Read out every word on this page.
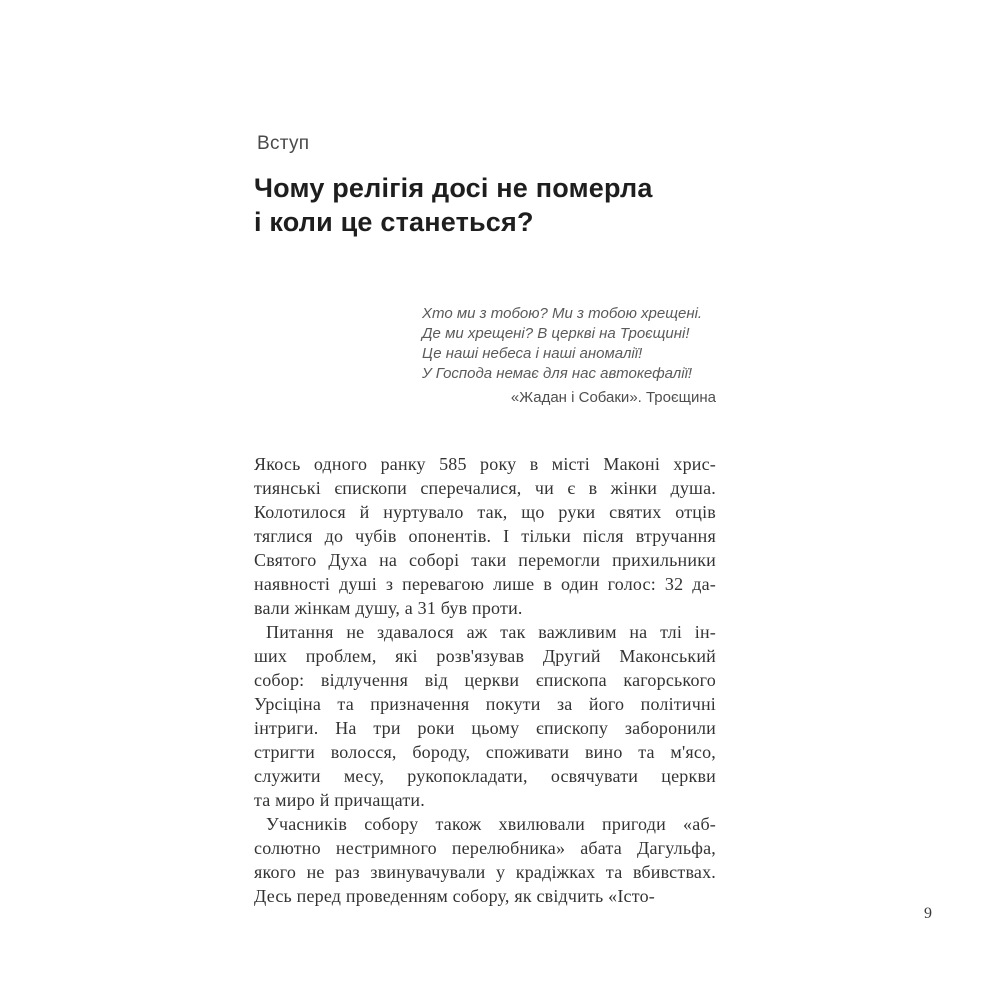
Вступ
Чому релігія досі не померла
і коли це станеться?
Хто ми з тобою? Ми з тобою хрещені.
Де ми хрещені? В церкві на Троєщині!
Це наші небеса і наші аномалії!
У Господа немає для нас автокефалії!
«Жадан і Собаки». Троєщина
Якось одного ранку 585 року в місті Маконі хрис-
тиянські єпископи сперечалися, чи є в жінки душа.
Колотилося й нуртувало так, що руки святих отців
тяглися до чубів опонентів. І тільки після втручання
Святого Духа на соборі таки перемогли прихильники
наявності душі з перевагою лише в один голос: 32 да-
вали жінкам душу, а 31 був проти.
Питання не здавалося аж так важливим на тлі ін-
ших проблем, які розв'язував Другий Маконський
собор: відлучення від церкви єпископа кагорського
Урсіціна та призначення покути за його політичні
інтриги. На три роки цьому єпископу заборонили
стригти волосся, бороду, споживати вино та м'ясо,
служити месу, рукопокладати, освячувати церкви
та миро й причащати.
Учасників собору також хвилювали пригоди «аб-
солютно нестримного перелюбника» абата Дагульфа,
якого не раз звинувачували у крадіжках та вбивствах.
Десь перед проведенням собору, як свідчить «Істо-
9
